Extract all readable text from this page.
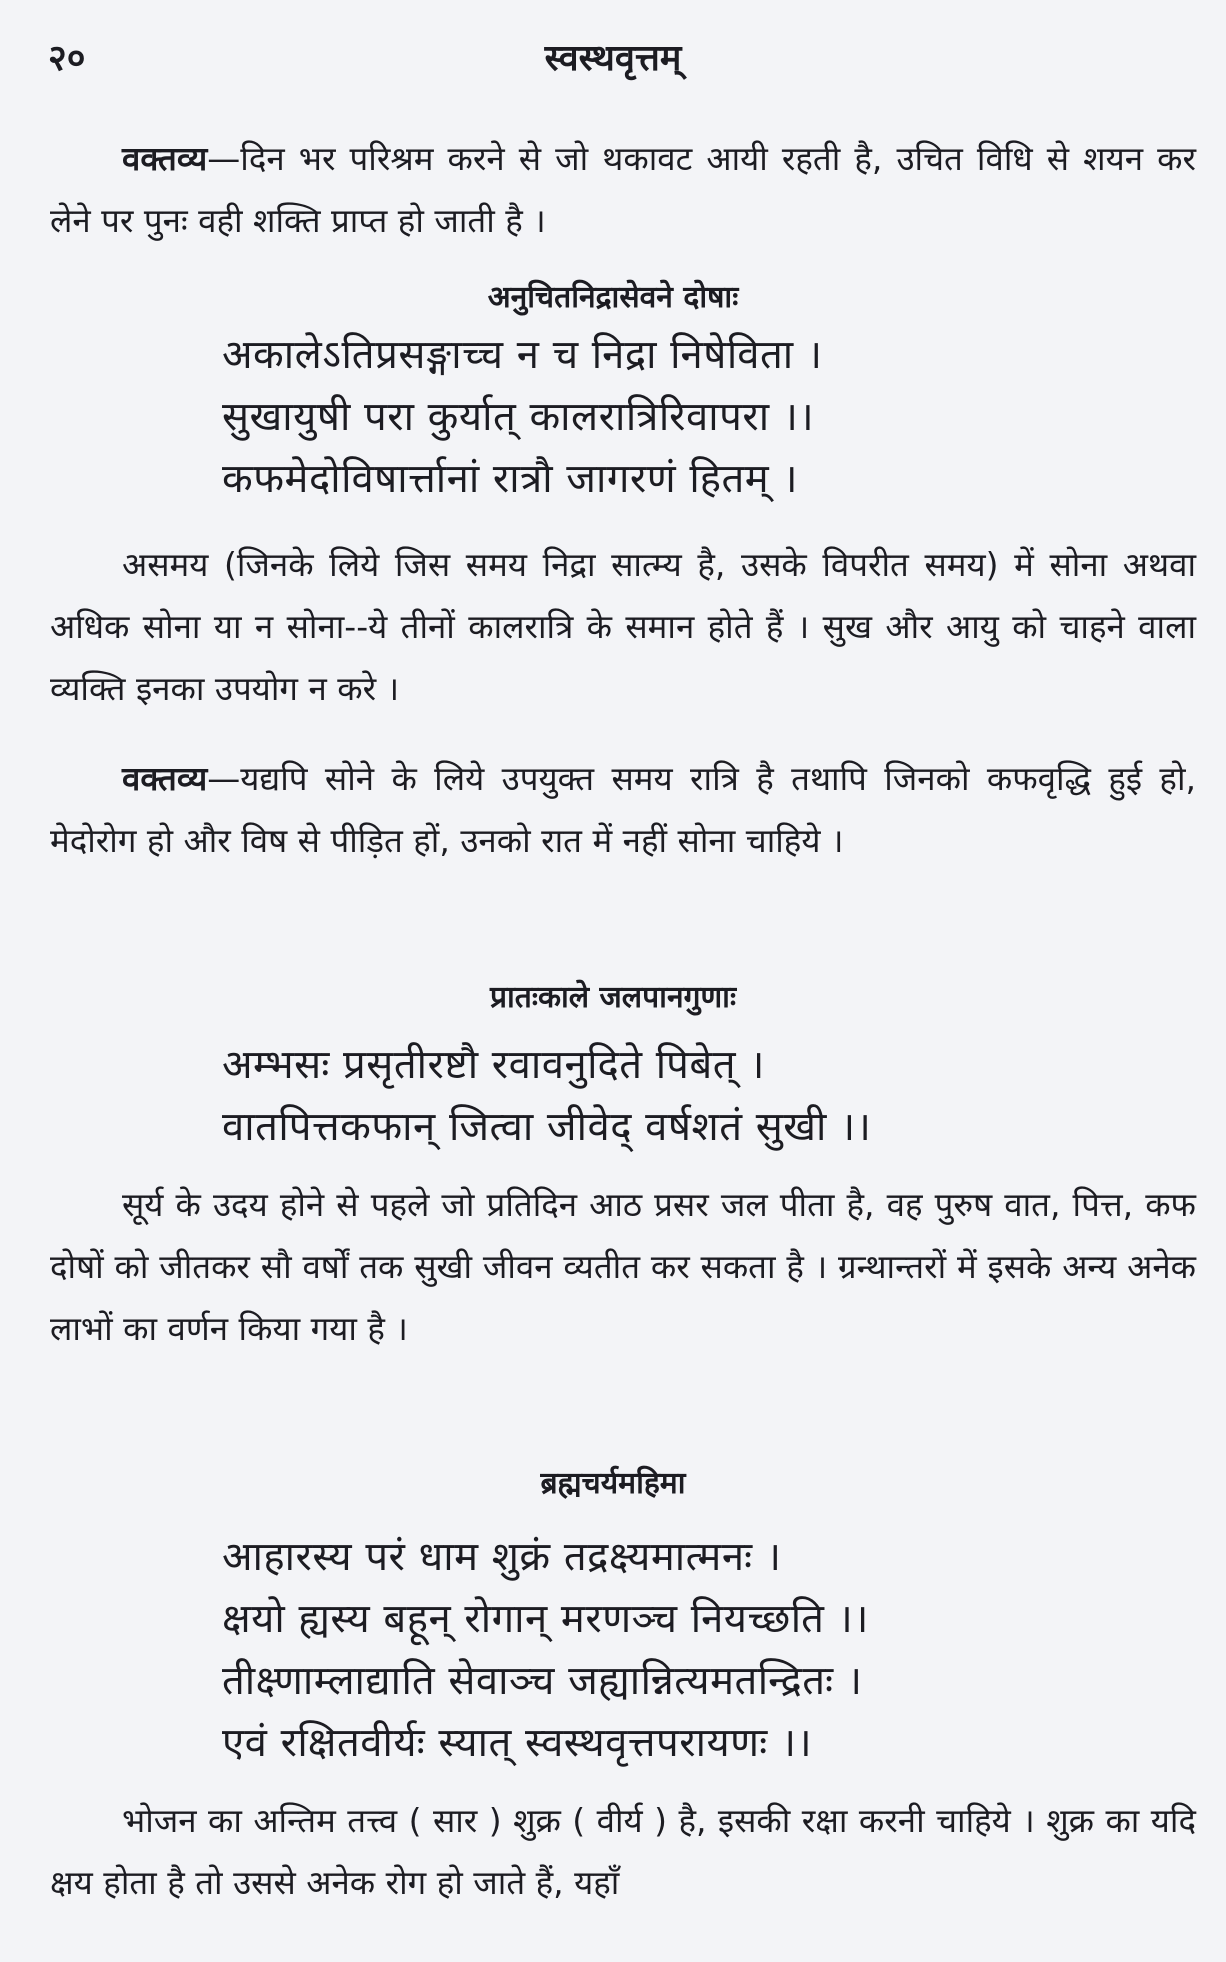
२०	स्वस्थवृत्तम्

वक्तव्य—दिन भर परिश्रम करने से जो थकावट आयी रहती है, उचित विधि से शयन कर लेने पर पुनः वही शक्ति प्राप्त हो जाती है ।

अनुचितनिद्रासेवने दोषाः
अकालेऽतिप्रसङ्गाच्च न च निद्रा निषेविता ।
सुखायुषी परा कुर्यात् कालरात्रिरिवापरा ।।
कफमेदोविषार्त्तानां रात्रौ जागरणं हितम् ।

असमय (जिनके लिये जिस समय निद्रा सात्म्य है, उसके विपरीत समय) में सोना अथवा अधिक सोना या न सोना--ये तीनों कालरात्रि के समान होते हैं । सुख और आयु को चाहने वाला व्यक्ति इनका उपयोग न करे ।

वक्तव्य—यद्यपि सोने के लिये उपयुक्त समय रात्रि है तथापि जिनको कफवृद्धि हुई हो, मेदोरोग हो और विष से पीड़ित हों, उनको रात में नहीं सोना चाहिये ।

प्रातःकाले जलपानगुणाः
अम्भसः प्रसृतीरष्टौ रवावनुदिते पिबेत् ।
वातपित्तकफान् जित्वा जीवेद् वर्षशतं सुखी ।।

सूर्य के उदय होने से पहले जो प्रतिदिन आठ प्रसर जल पीता है, वह पुरुष वात, पित्त, कफ दोषों को जीतकर सौ वर्षों तक सुखी जीवन व्यतीत कर सकता है । ग्रन्थान्तरों में इसके अन्य अनेक लाभों का वर्णन किया गया है ।

ब्रह्मचर्यमहिमा
आहारस्य परं धाम शुक्रं तद्रक्ष्यमात्मनः ।
क्षयो ह्यस्य बहून् रोगान् मरणञ्च नियच्छति ।।
तीक्ष्णाम्लाद्याति सेवाञ्च जह्यान्नित्यमतन्द्रितः ।
एवं रक्षितवीर्यः स्यात् स्वस्थवृत्तपरायणः ।।

भोजन का अन्तिम तत्त्व ( सार ) शुक्र ( वीर्य ) है, इसकी रक्षा करनी चाहिये । शुक्र का यदि क्षय होता है तो उससे अनेक रोग हो जाते हैं, यहाँ
